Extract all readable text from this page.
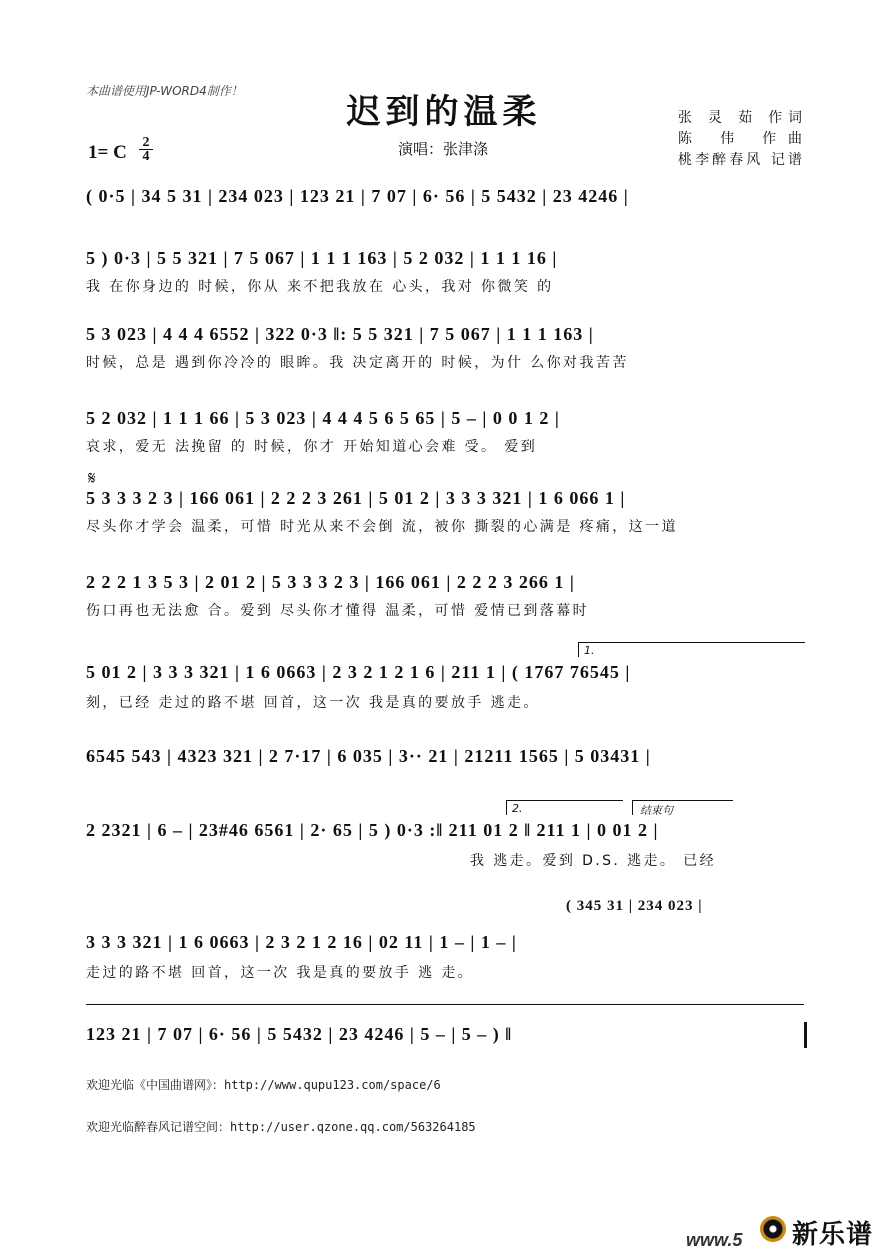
本曲谱使用JP-WORD4制作！
迟到的温柔
1= C 2
4	演唱：张津涤
张 灵 茹 作词
陈 伟 作曲
桃李醉春风 记谱
( 0·5 | 34 5 31 | 234 023 | 123 21 | 7 07 | 6· 56 | 5 5432 | 23 4246 |
5 ) 0·3 | 5 5 321 | 7 5 067 | 1 1 1 163 | 5 2 032 | 1 1 1 16 |
我 在你身边的 时候，你从 来不把我放在 心头，我对 你微笑 的
5 3 023 | 4 4 4 6552 | 322 0·3 ‖: 5 5 321 | 7 5 067 | 1 1 1 163 |
时候，总是 遇到你冷冷的 眼眸。我 决定离开的 时候，为什 么你对我苦苦
5 2 032 | 1 1 1 66 | 5 3 023 | 4 4 4 5 6 5 65 | 5 – | 0 0 1 2 |
哀求，爱无 法挽留 的 时候，你才 开始知道心会难 受。 爱到
𝄋
5 3 3 3 2 3 | 166 061 | 2 2 2 3 261 | 5 01 2 | 3 3 3 321 | 1 6 066 1 |
尽头你才学会 温柔，可惜 时光从来不会倒 流，被你 撕裂的心满是 疼痛，这一道
2 2 2 1 3 5 3 | 2 01 2 | 5 3 3 3 2 3 | 166 061 | 2 2 2 3 266 1 |
伤口再也无法愈 合。爱到 尽头你才懂得 温柔，可惜 爱情已到落幕时
1.
5 01 2 | 3 3 3 321 | 1 6 0663 | 2 3 2 1 2 1 6 | 211 1 | ( 1767 76545 |
刻，已经 走过的路不堪 回首，这一次 我是真的要放手 逃走。
6545 543 | 4323 321 | 2 7·17 | 6 035 | 3·· 21 | 21211 1565 | 5 03431 |
2.	结束句
2 2321 | 6 – | 23#46 6561 | 2· 65 | 5 ) 0·3 :‖ 211 01 2 ‖ 211 1 | 0 01 2 |
我 逃走。爱到 D.S. 逃走。 已经
( 345 31 | 234 023 |
3 3 3 321 | 1 6 0663 | 2 3 2 1 2 16 | 02 11 | 1 – | 1 – |
走过的路不堪 回首，这一次 我是真的要放手 逃 走。
123 21 | 7 07 | 6· 56 | 5 5432 | 23 4246 | 5 – | 5 – ) ‖
欢迎光临《中国曲谱网》：http://www.qupu123.com/space/6
欢迎光临醉春风记谱空间：http://user.qzone.qq.com/563264185
www.5 新乐谱
